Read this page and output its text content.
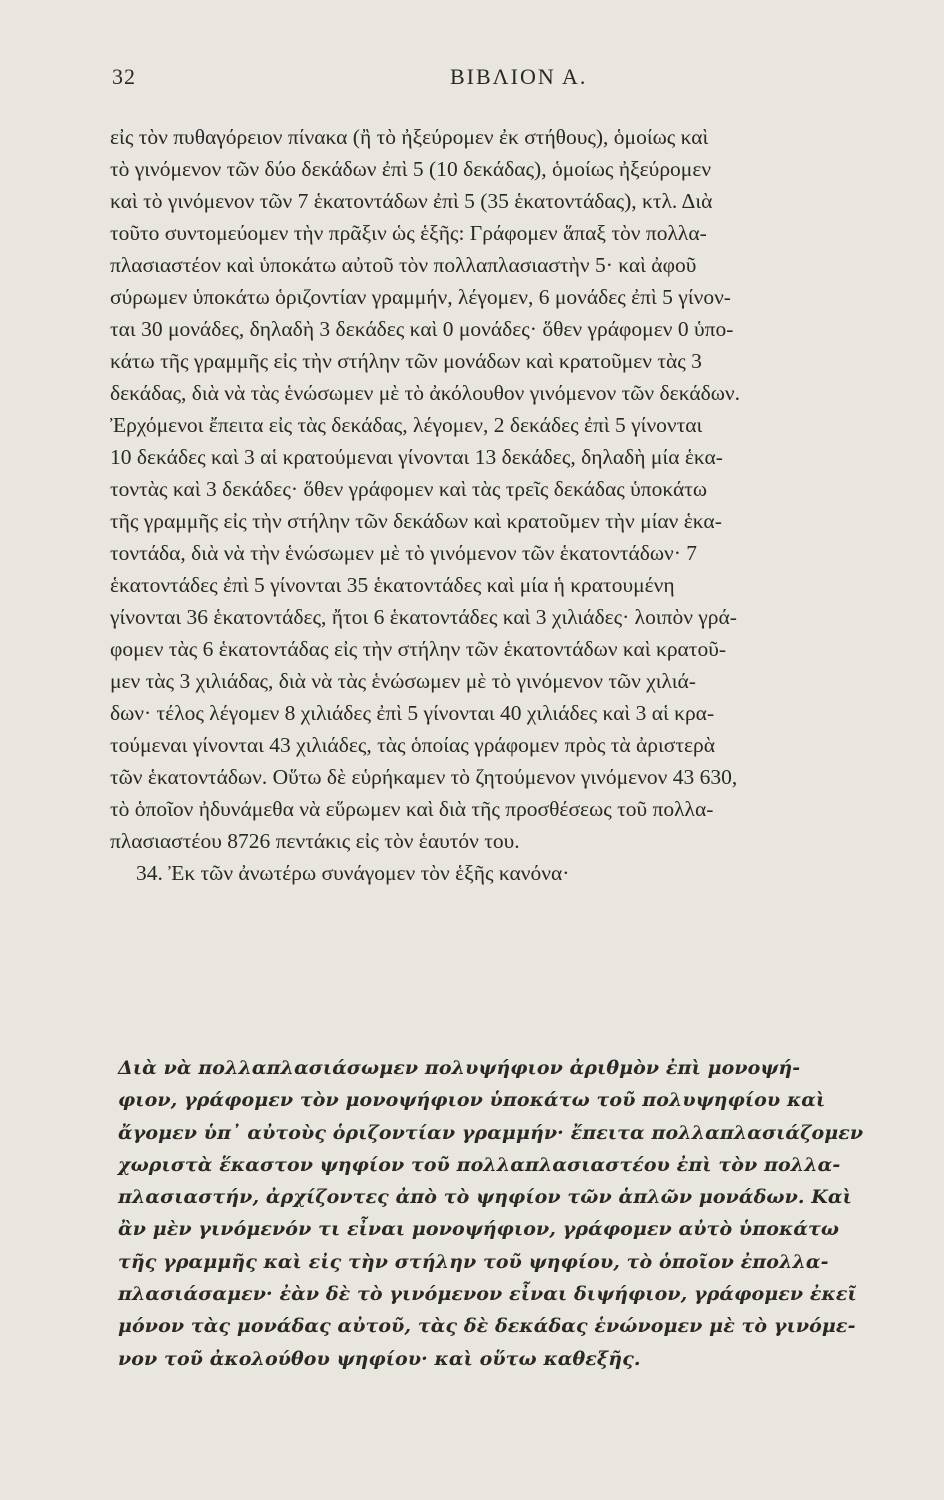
32	ΒΙΒΛΙΟΝ Α.
εἰς τὸν πυθαγόρειον πίνακα (ἢ τὸ ἠξεύρομεν ἐκ στήθους), ὁμοίως καὶ
τὸ γινόμενον τῶν δύο δεκάδων ἐπὶ 5 (10 δεκάδας), ὁμοίως ἠξεύρομεν
καὶ τὸ γινόμενον τῶν 7 ἑκατοντάδων ἐπὶ 5 (35 ἑκατοντάδας), κτλ. Διὰ
τοῦτο συντομεύομεν τὴν πρᾶξιν ὡς ἑξῆς: Γράφομεν ἅπαξ τὸν πολλα-
πλασιαστέον καὶ ὑποκάτω αὐτοῦ τὸν πολλαπλασιαστὴν 5· καὶ ἀφοῦ
σύρωμεν ὑποκάτω ὁριζοντίαν γραμμήν, λέγομεν, 6 μονάδες ἐπὶ 5 γίνον-
ται 30 μονάδες, δηλαδὴ 3 δεκάδες καὶ 0 μονάδες· ὅθεν γράφομεν 0 ὑπο-
κάτω τῆς γραμμῆς εἰς τὴν στήλην τῶν μονάδων καὶ κρατοῦμεν τὰς 3
δεκάδας, διὰ νὰ τὰς ἑνώσωμεν μὲ τὸ ἀκόλουθον γινόμενον τῶν δεκάδων.
Ἐρχόμενοι ἔπειτα εἰς τὰς δεκάδας, λέγομεν, 2 δεκάδες ἐπὶ 5 γίνονται
10 δεκάδες καὶ 3 αἱ κρατούμεναι γίνονται 13 δεκάδες, δηλαδὴ μία ἑκα-
τοντὰς καὶ 3 δεκάδες· ὅθεν γράφομεν καὶ τὰς τρεῖς δεκάδας ὑποκάτω
τῆς γραμμῆς εἰς τὴν στήλην τῶν δεκάδων καὶ κρατοῦμεν τὴν μίαν ἑκα-
τοντάδα, διὰ νὰ τὴν ἑνώσωμεν μὲ τὸ γινόμενον τῶν ἑκατοντάδων· 7
ἑκατοντάδες ἐπὶ 5 γίνονται 35 ἑκατοντάδες καὶ μία ἡ κρατουμένη
γίνονται 36 ἑκατοντάδες, ἤτοι 6 ἑκατοντάδες καὶ 3 χιλιάδες· λοιπὸν γρά-
φομεν τὰς 6 ἑκατοντάδας εἰς τὴν στήλην τῶν ἑκατοντάδων καὶ κρατοῦ-
μεν τὰς 3 χιλιάδας, διὰ νὰ τὰς ἑνώσωμεν μὲ τὸ γινόμενον τῶν χιλιά-
δων· τέλος λέγομεν 8 χιλιάδες ἐπὶ 5 γίνονται 40 χιλιάδες καὶ 3 αἱ κρα-
τούμεναι γίνονται 43 χιλιάδες, τὰς ὁποίας γράφομεν πρὸς τὰ ἀριστερὰ
τῶν ἑκατοντάδων. Οὕτω δὲ εὑρήκαμεν τὸ ζητούμενον γινόμενον 43 630,
τὸ ὁποῖον ἠδυνάμεθα νὰ εὕρωμεν καὶ διὰ τῆς προσθέσεως τοῦ πολλα-
πλασιαστέου 8726 πεντάκις εἰς τὸν ἑαυτόν του.
34. Ἐκ τῶν ἀνωτέρω συνάγομεν τὸν ἑξῆς κανόνα·
Διὰ νὰ πολλαπλασιάσωμεν πολυψήφιον ἀριθμὸν ἐπὶ μονοψή-
φιον, γράφομεν τὸν μονοψήφιον ὑποκάτω τοῦ πολυψηφίου καὶ
ἄγομεν ὑπ᾽ αὐτοὺς ὁριζοντίαν γραμμήν· ἔπειτα πολλαπλασιάζομεν
χωριστὰ ἕκαστον ψηφίον τοῦ πολλαπλασιαστέου ἐπὶ τὸν πολλα-
πλασιαστήν, ἀρχίζοντες ἀπὸ τὸ ψηφίον τῶν ἁπλῶν μονάδων. Καὶ
ἂν μὲν γινόμενόν τι εἶναι μονοψήφιον, γράφομεν αὐτὸ ὑποκάτω
τῆς γραμμῆς καὶ εἰς τὴν στήλην τοῦ ψηφίου, τὸ ὁποῖον ἐπολλα-
πλασιάσαμεν· ἐὰν δὲ τὸ γινόμενον εἶναι διψήφιον, γράφομεν ἐκεῖ
μόνον τὰς μονάδας αὐτοῦ, τὰς δὲ δεκάδας ἑνώνομεν μὲ τὸ γινόμε-
νον τοῦ ἀκολούθου ψηφίου· καὶ οὕτω καθεξῆς.
